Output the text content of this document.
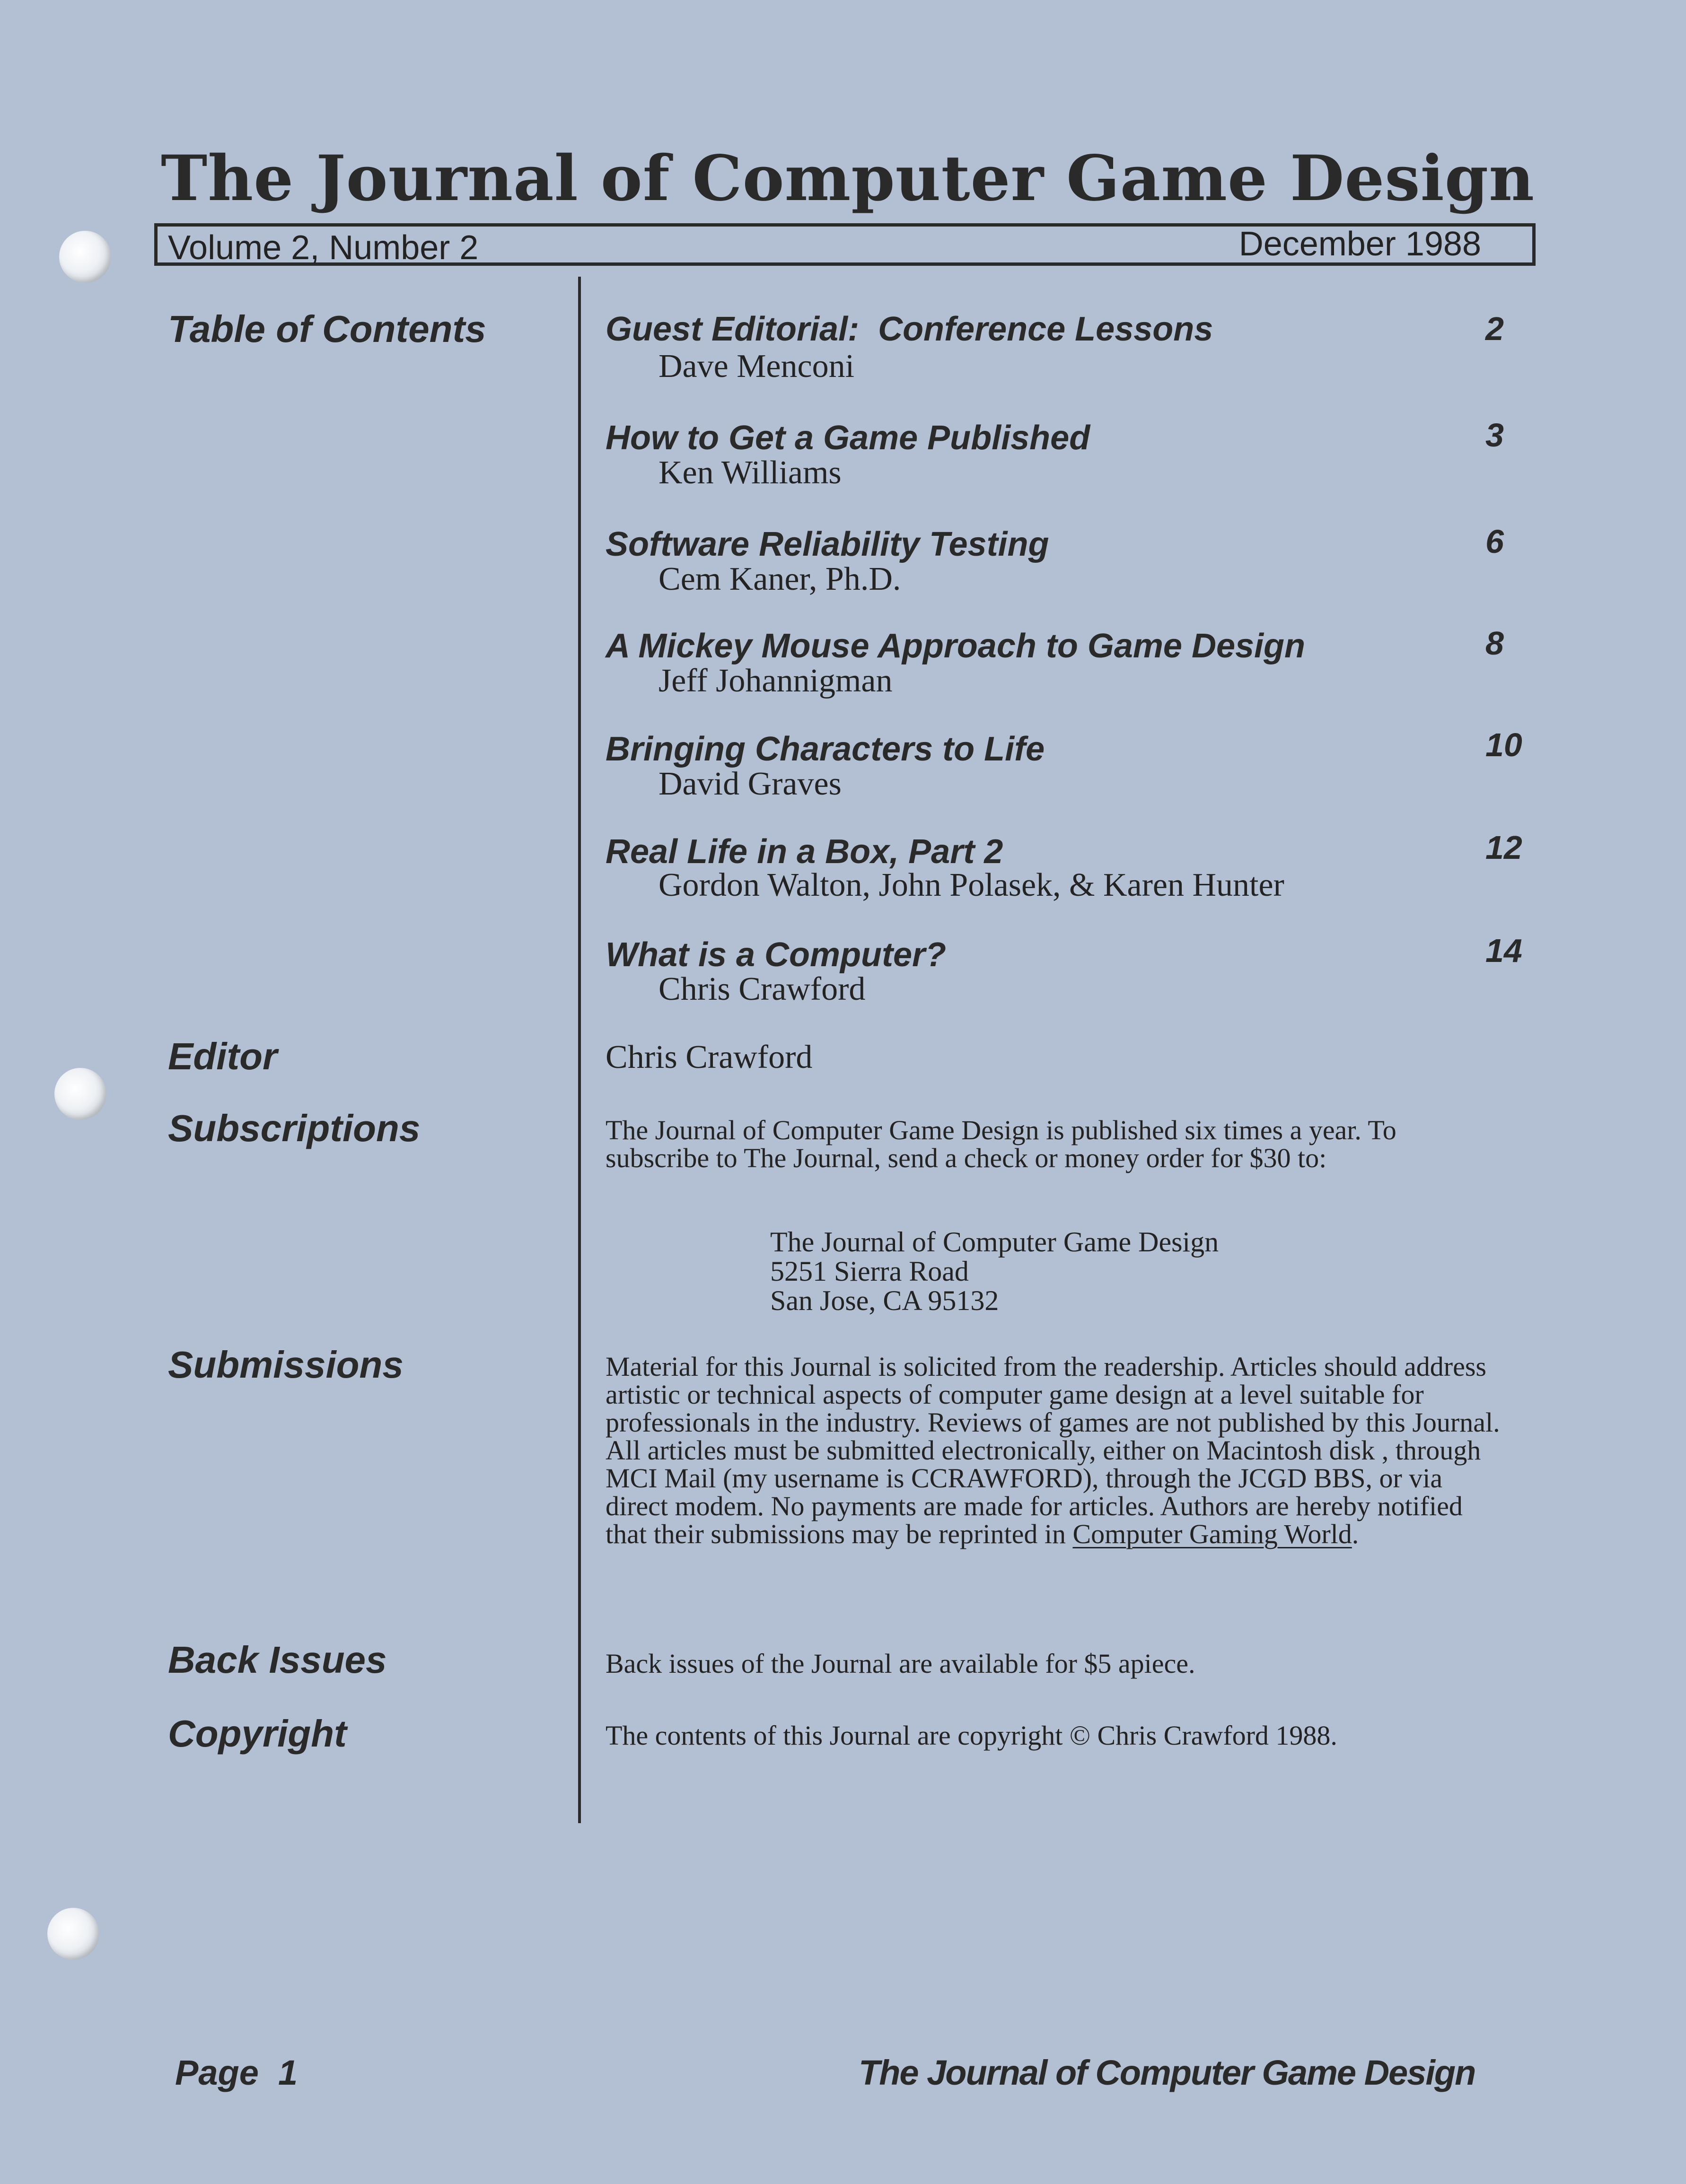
The Journal of Computer Game Design
Volume 2, Number 2	December 1988
Table of Contents
Editor
Subscriptions
Submissions
Back Issues
Copyright
Guest Editorial:  Conference Lessons
Dave Menconi
2
How to Get a Game Published
Ken Williams
3
Software Reliability Testing
Cem Kaner, Ph.D.
6
A Mickey Mouse Approach to Game Design
Jeff Johannigman
8
Bringing Characters to Life
David Graves
10
Real Life in a Box, Part 2
Gordon Walton, John Polasek, & Karen Hunter
12
What is a Computer?
Chris Crawford
14
Chris Crawford
The Journal of Computer Game Design is published six times a year. To subscribe to The Journal, send a check or money order for $30 to:
The Journal of Computer Game Design
5251 Sierra Road
San Jose, CA 95132
Material for this Journal is solicited from the readership. Articles should address artistic or technical aspects of computer game design at a level suitable for professionals in the industry. Reviews of games are not published by this Journal. All articles must be submitted electronically, either on Macintosh disk , through MCI Mail (my username is CCRAWFORD), through the JCGD BBS, or via direct modem. No payments are made for articles. Authors are hereby notified that their submissions may be reprinted in Computer Gaming World.
Back issues of the Journal are available for $5 apiece.
The contents of this Journal are copyright © Chris Crawford 1988.
Page  1	The Journal of Computer Game Design
